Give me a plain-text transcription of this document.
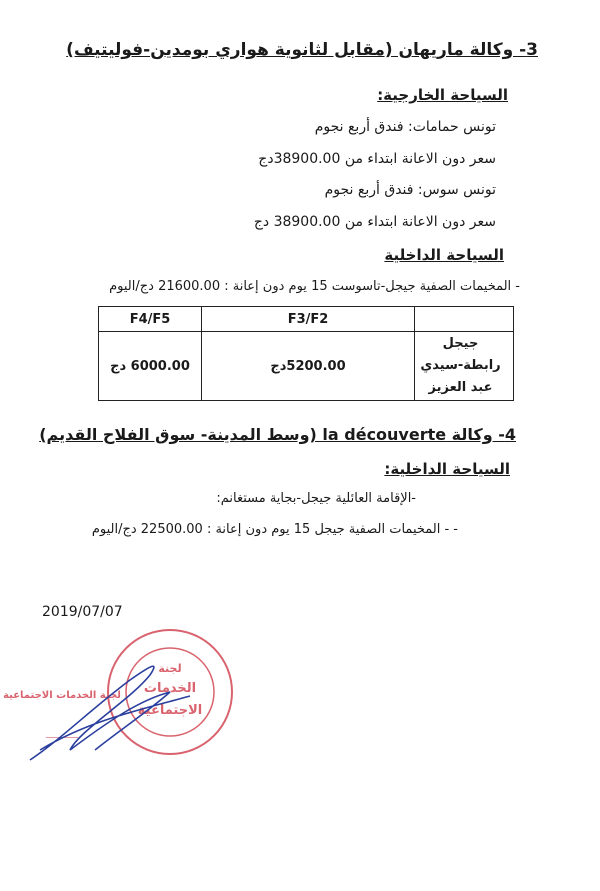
3- وكالة ماريهان (مقابل لثانوية هواري بومدين-فوليتيف)
السياحة الخارجية:
تونس حمامات: فندق أربع نجوم
سعر دون الاعانة ابتداء من 38900.00دج
تونس سوس: فندق أربع نجوم
سعر دون الاعانة ابتداء من 38900.00 دج
السياحة الداخلية
- المخيمات الصفية جيجل-تاسوست 15 يوم دون إعانة : 21600.00 دج/اليوم
F4/F5	F3/F2	
6000.00 دج	5200.00دج	جيجل
رابطة-سيدي عبد العزيز
4- وكالة la découverte (وسط المدينة- سوق الفلاح القديم)
السياحة الداخلية:
-الإقامة العائلية جيجل-بجاية مستغانم:
- - المخيمات الصفية جيجل 15 يوم دون إعانة : 22500.00 دج/اليوم
2019/07/07
لجنة
الخدمات
الاجتماعية
لجنة الخدمات الاجتماعية
ـــــــــــ
